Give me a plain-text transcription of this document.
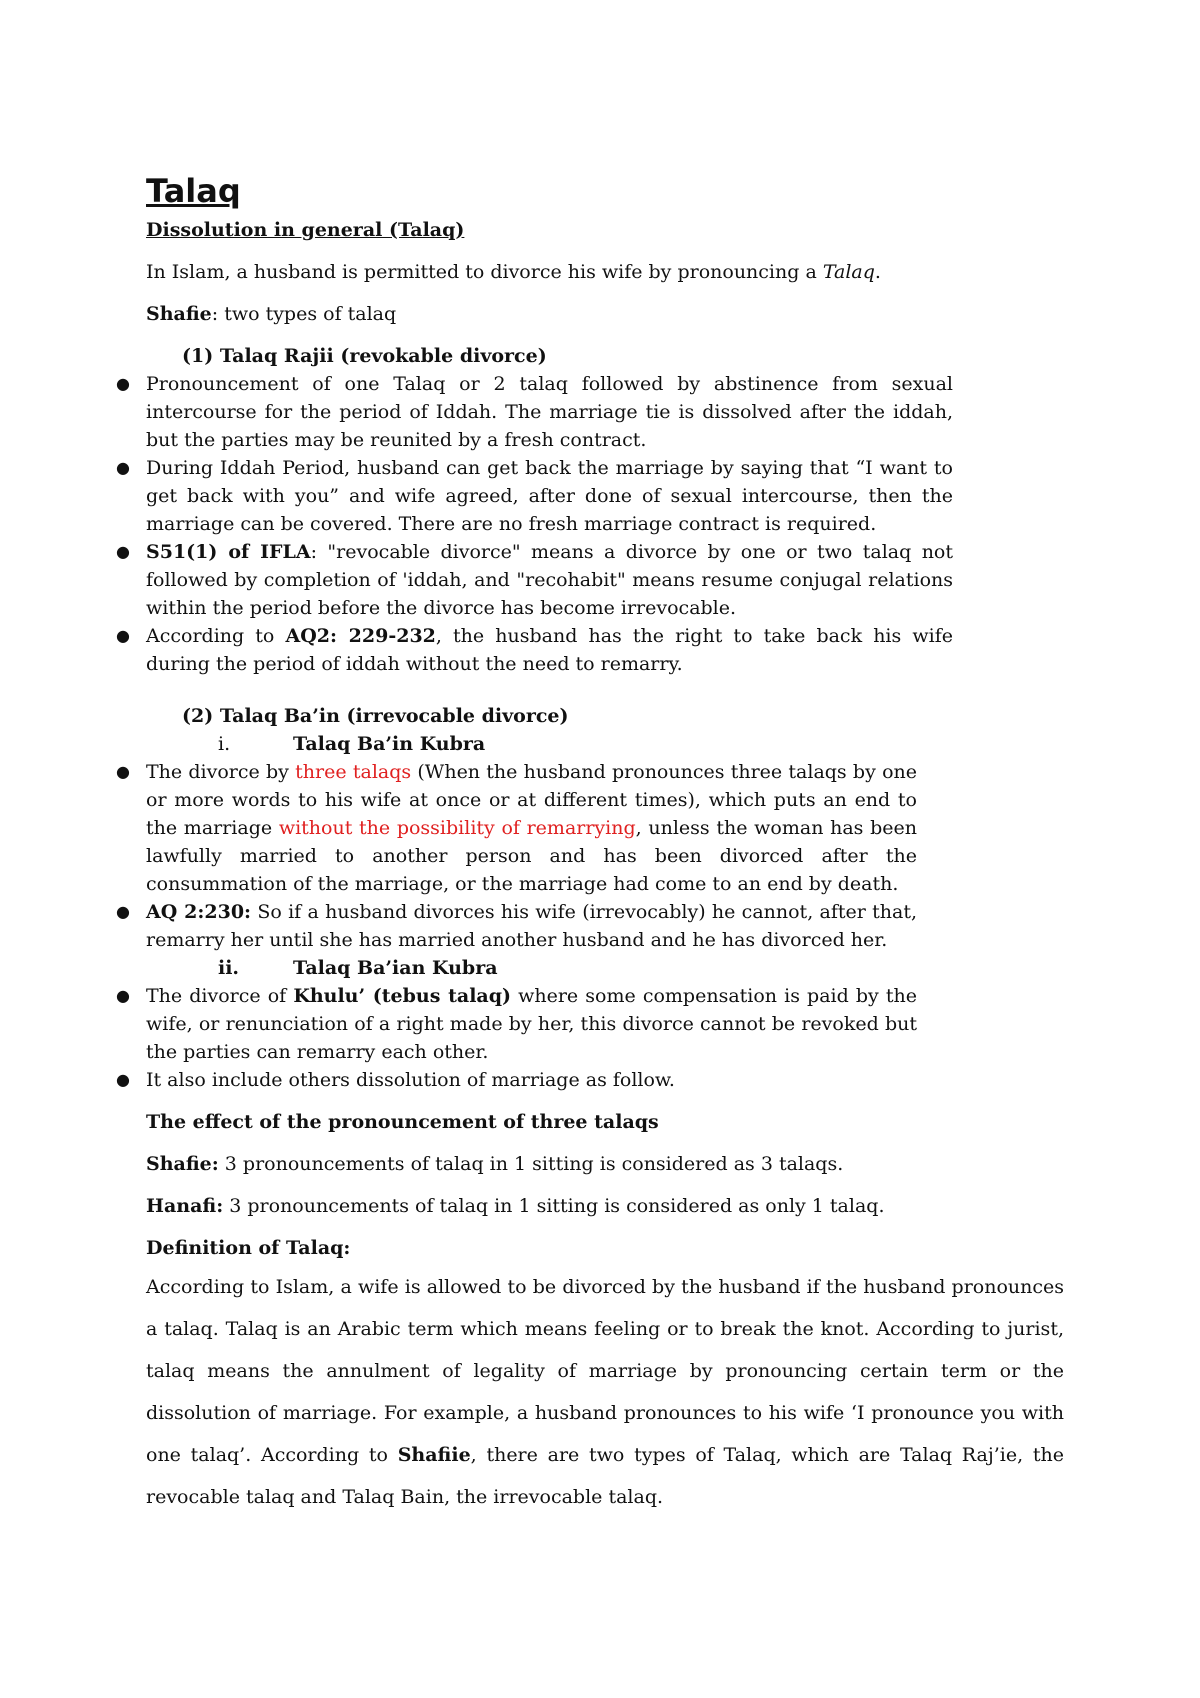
Talaq
Dissolution in general (Talaq)

In Islam, a husband is permitted to divorce his wife by pronouncing a Talaq.

Shafie: two types of talaq

(1) Talaq Rajii (revokable divorce)
● Pronouncement of one Talaq or 2 talaq followed by abstinence from sexual intercourse for the period of Iddah. The marriage tie is dissolved after the iddah, but the parties may be reunited by a fresh contract.
● During Iddah Period, husband can get back the marriage by saying that “I want to get back with you” and wife agreed, after done of sexual intercourse, then the marriage can be covered. There are no fresh marriage contract is required.
● S51(1) of IFLA: "revocable divorce" means a divorce by one or two talaq not followed by completion of 'iddah, and "recohabit" means resume conjugal relations within the period before the divorce has become irrevocable.
● According to AQ2: 229-232, the husband has the right to take back his wife during the period of iddah without the need to remarry.
(2) Talaq Ba’in (irrevocable divorce)
i.	Talaq Ba’in Kubra
● The divorce by three talaqs (When the husband pronounces three talaqs by one or more words to his wife at once or at different times), which puts an end to the marriage without the possibility of remarrying, unless the woman has been lawfully married to another person and has been divorced after the consummation of the marriage, or the marriage had come to an end by death.
● AQ 2:230: So if a husband divorces his wife (irrevocably) he cannot, after that, remarry her until she has married another husband and he has divorced her.
ii.	Talaq Ba’ian Kubra
● The divorce of Khulu’ (tebus talaq) where some compensation is paid by the wife, or renunciation of a right made by her, this divorce cannot be revoked but the parties can remarry each other.
● It also include others dissolution of marriage as follow.

The effect of the pronouncement of three talaqs

Shafie: 3 pronouncements of talaq in 1 sitting is considered as 3 talaqs.

Hanafi: 3 pronouncements of talaq in 1 sitting is considered as only 1 talaq.

Definition of Talaq:

According to Islam, a wife is allowed to be divorced by the husband if the husband pronounces a talaq. Talaq is an Arabic term which means feeling or to break the knot. According to jurist, talaq means the annulment of legality of marriage by pronouncing certain term or the dissolution of marriage. For example, a husband pronounces to his wife ‘I pronounce you with one talaq’. According to Shafiie, there are two types of Talaq, which are Talaq Raj’ie, the revocable talaq and Talaq Bain, the irrevocable talaq.
